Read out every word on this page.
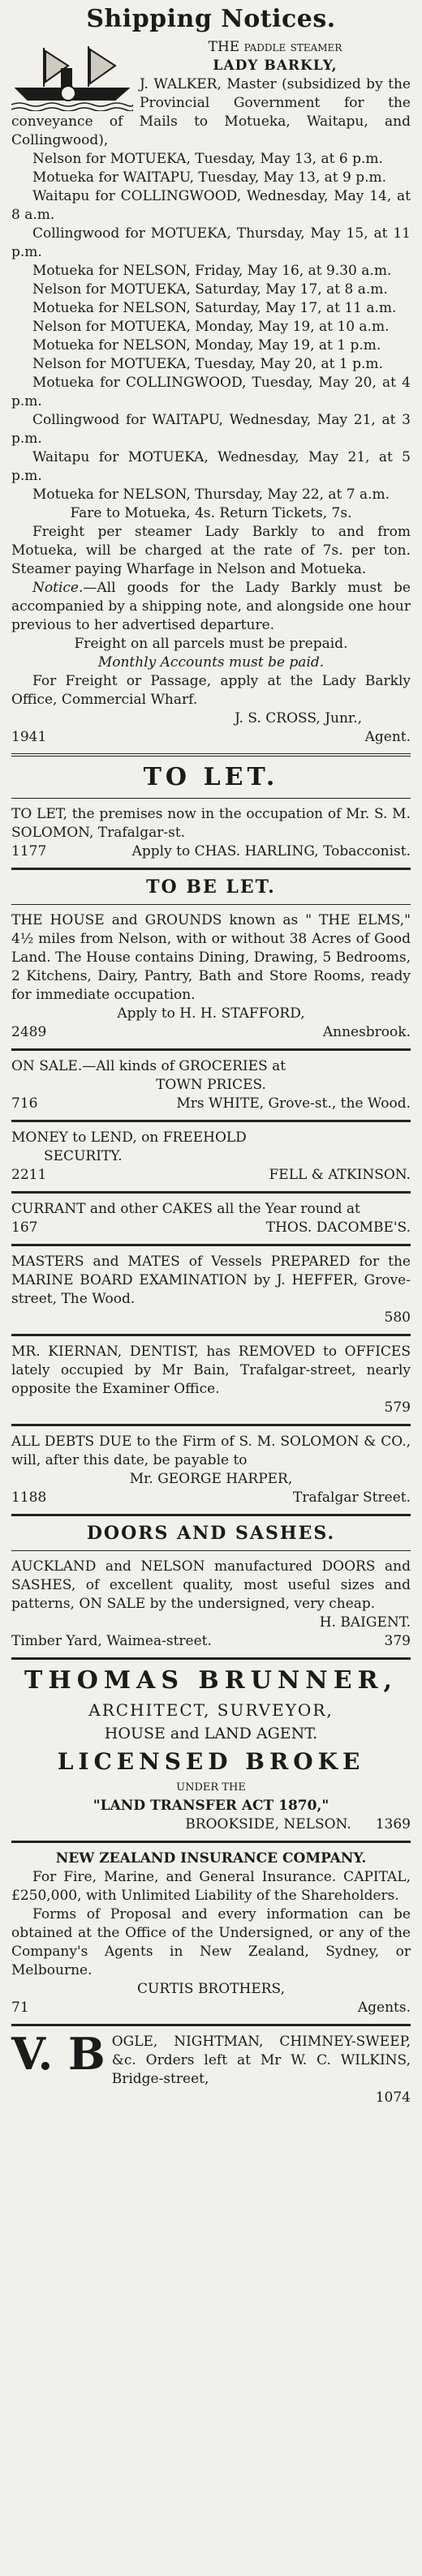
Shipping Notices.

THE paddle steamer

LADY BARKLY,

J. WALKER, Master (subsidized by the Provincial Government for the conveyance of Mails to Motueka, Waitapu, and Collingwood),

Nelson for MOTUEKA, Tuesday, May 13, at 6 p.m.

Motueka for WAITAPU, Tuesday, May 13, at 9 p.m.

Waitapu for COLLINGWOOD, Wednesday, May 14, at 8 a.m.

Collingwood for MOTUEKA, Thursday, May 15, at 11 p.m.

Motueka for NELSON, Friday, May 16, at 9.30 a.m.

Nelson for MOTUEKA, Saturday, May 17, at 8 a.m.

Motueka for NELSON, Saturday, May 17, at 11 a.m.

Nelson for MOTUEKA, Monday, May 19, at 10 a.m.

Motueka for NELSON, Monday, May 19, at 1 p.m.

Nelson for MOTUEKA, Tuesday, May 20, at 1 p.m.

Motueka for COLLINGWOOD, Tuesday, May 20, at 4 p.m.

Collingwood for WAITAPU, Wednesday, May 21, at 3 p.m.

Waitapu for MOTUEKA, Wednesday, May 21, at 5 p.m.

Motueka for NELSON, Thursday, May 22, at 7 a.m.

Fare to Motueka, 4s. Return Tickets, 7s.

Freight per steamer Lady Barkly to and from Motueka, will be charged at the rate of 7s. per ton. Steamer paying Wharfage in Nelson and Motueka.

Notice.—All goods for the Lady Barkly must be accompanied by a shipping note, and alongside one hour previous to her advertised departure.

Freight on all parcels must be prepaid.

Monthly Accounts must be paid.

For Freight or Passage, apply at the Lady Barkly Office, Commercial Wharf.

J. S. CROSS, Junr.,

1941	Agent.
TO LET.

TO LET, the premises now in the occupation of Mr. S. M. SOLOMON, Trafalgar-st.

1177	Apply to CHAS. HARLING, Tobacconist.
TO BE LET.

THE HOUSE and GROUNDS known as " THE ELMS," 4½ miles from Nelson, with or without 38 Acres of Good Land. The House contains Dining, Drawing, 5 Bedrooms, 2 Kitchens, Dairy, Pantry, Bath and Store Rooms, ready for immediate occupation.

Apply to H. H. STAFFORD,

2489	Annesbrook.

ON SALE.—All kinds of GROCERIES at

TOWN PRICES.

716	Mrs WHITE, Grove-st., the Wood.

MONEY to LEND, on FREEHOLD

SECURITY.

2211	FELL & ATKINSON.

CURRANT and other CAKES all the Year round at

167	THOS. DACOMBE'S.

MASTERS and MATES of Vessels PREPARED for the MARINE BOARD EXAMINATION by J. HEFFER, Grove-street, The Wood.

580

MR. KIERNAN, DENTIST, has REMOVED to OFFICES lately occupied by Mr Bain, Trafalgar-street, nearly opposite the Examiner Office.

579

ALL DEBTS DUE to the Firm of S. M. SOLOMON & CO., will, after this date, be payable to

Mr. GEORGE HARPER,

1188	Trafalgar Street.
DOORS AND SASHES.

AUCKLAND and NELSON manufactured DOORS and SASHES, of excellent quality, most useful sizes and patterns, ON SALE by the undersigned, very cheap.

H. BAIGENT.

Timber Yard, Waimea-street.	379
THOMAS BRUNNER,

ARCHITECT, SURVEYOR,

HOUSE and LAND AGENT.

LICENSED BROKE

UNDER THE

"LAND TRANSFER ACT 1870,"

BROOKSIDE, NELSON. 1369

NEW ZEALAND INSURANCE COMPANY.

For Fire, Marine, and General Insurance. CAPITAL, £250,000, with Unlimited Liability of the Shareholders.

Forms of Proposal and every information can be obtained at the Office of the Undersigned, or any of the Company's Agents in New Zealand, Sydney, or Melbourne.

CURTIS BROTHERS,

71	Agents.
V. B OGLE, NIGHTMAN, CHIMNEY-SWEEP, &c. Orders left at Mr W. C. WILKINS, Bridge-street,

1074
